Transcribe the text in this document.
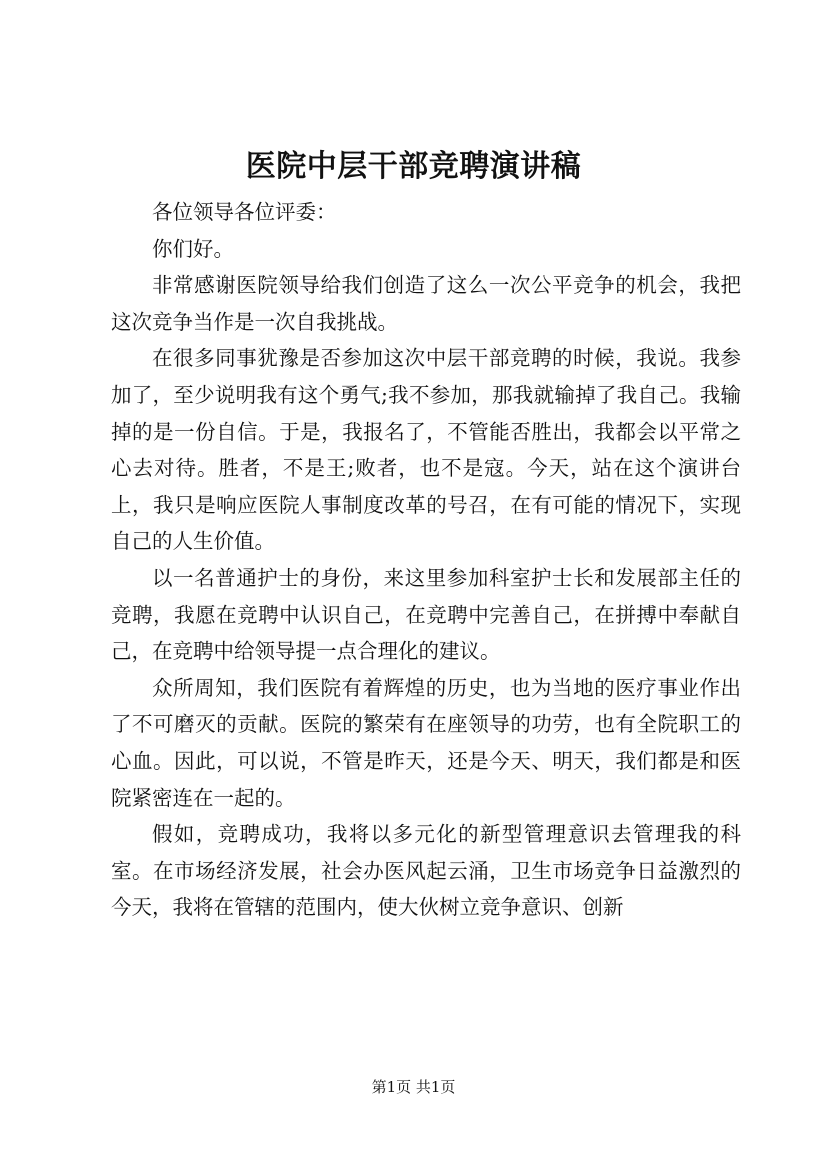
医院中层干部竞聘演讲稿

各位领导各位评委：

你们好。

非常感谢医院领导给我们创造了这么一次公平竞争的机会，我把这次竞争当作是一次自我挑战。

在很多同事犹豫是否参加这次中层干部竞聘的时候，我说。我参加了，至少说明我有这个勇气;我不参加，那我就输掉了我自己。我输掉的是一份自信。于是，我报名了，不管能否胜出，我都会以平常之心去对待。胜者，不是王;败者，也不是寇。今天，站在这个演讲台上，我只是响应医院人事制度改革的号召，在有可能的情况下，实现自己的人生价值。

以一名普通护士的身份，来这里参加科室护士长和发展部主任的竞聘，我愿在竞聘中认识自己，在竞聘中完善自己，在拼搏中奉献自己，在竞聘中给领导提一点合理化的建议。

众所周知，我们医院有着辉煌的历史，也为当地的医疗事业作出了不可磨灭的贡献。医院的繁荣有在座领导的功劳，也有全院职工的心血。因此，可以说，不管是昨天，还是今天、明天，我们都是和医院紧密连在一起的。

假如，竞聘成功，我将以多元化的新型管理意识去管理我的科室。在市场经济发展，社会办医风起云涌，卫生市场竞争日益激烈的今天，我将在管辖的范围内，使大伙树立竞争意识、创新

第1页 共1页
